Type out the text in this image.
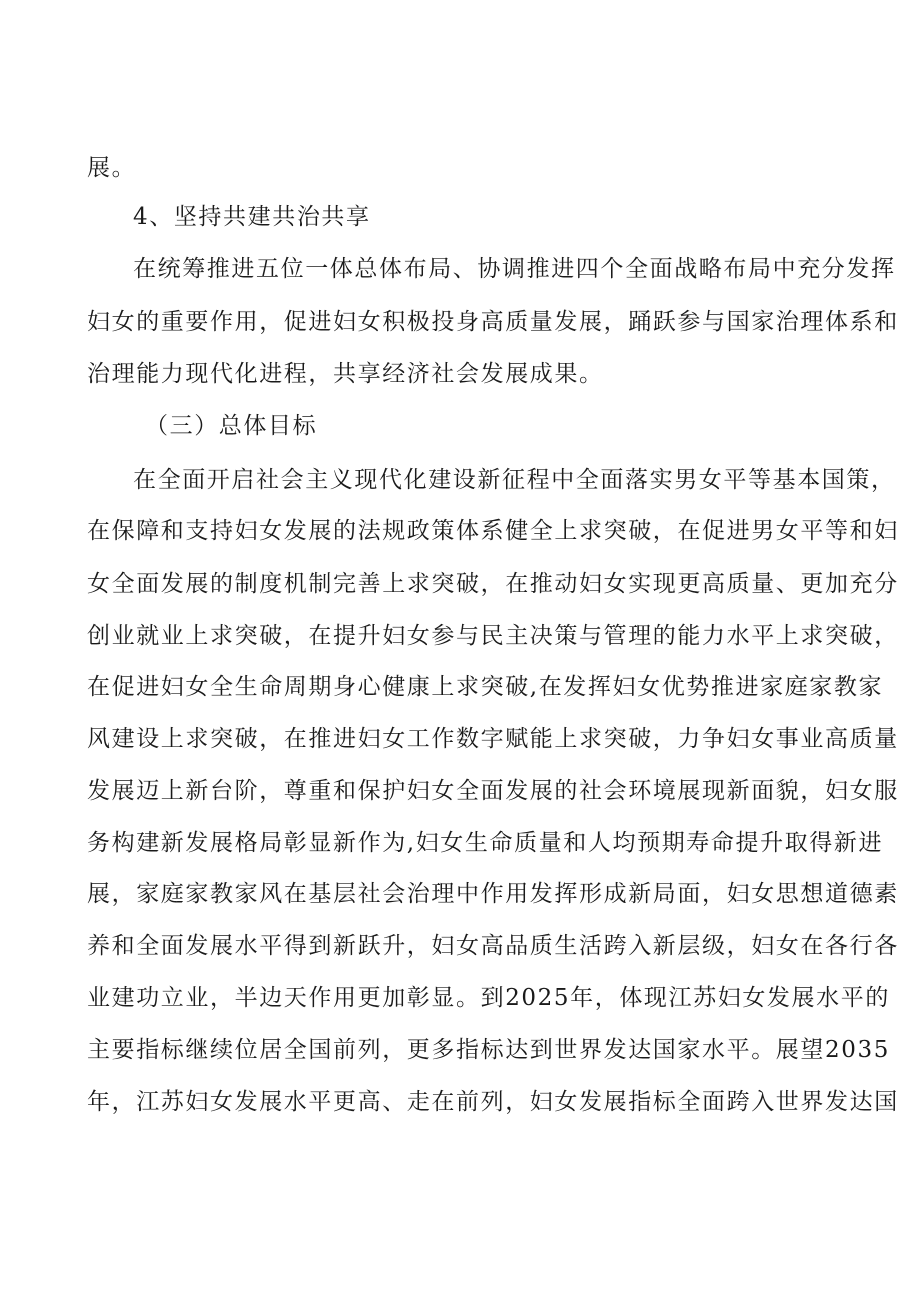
展。
4、坚持共建共治共享
在统筹推进五位一体总体布局、协调推进四个全面战略布局中充分发挥
妇女的重要作用，促进妇女积极投身高质量发展，踊跃参与国家治理体系和
治理能力现代化进程，共享经济社会发展成果。
（三）总体目标
在全面开启社会主义现代化建设新征程中全面落实男女平等基本国策，
在保障和支持妇女发展的法规政策体系健全上求突破，在促进男女平等和妇
女全面发展的制度机制完善上求突破，在推动妇女实现更高质量、更加充分
创业就业上求突破，在提升妇女参与民主决策与管理的能力水平上求突破，
在促进妇女全生命周期身心健康上求突破,在发挥妇女优势推进家庭家教家
风建设上求突破，在推进妇女工作数字赋能上求突破，力争妇女事业高质量
发展迈上新台阶，尊重和保护妇女全面发展的社会环境展现新面貌，妇女服
务构建新发展格局彰显新作为,妇女生命质量和人均预期寿命提升取得新进
展，家庭家教家风在基层社会治理中作用发挥形成新局面，妇女思想道德素
养和全面发展水平得到新跃升，妇女高品质生活跨入新层级，妇女在各行各
业建功立业，半边天作用更加彰显。到2025年，体现江苏妇女发展水平的
主要指标继续位居全国前列，更多指标达到世界发达国家水平。展望2035
年，江苏妇女发展水平更高、走在前列，妇女发展指标全面跨入世界发达国
